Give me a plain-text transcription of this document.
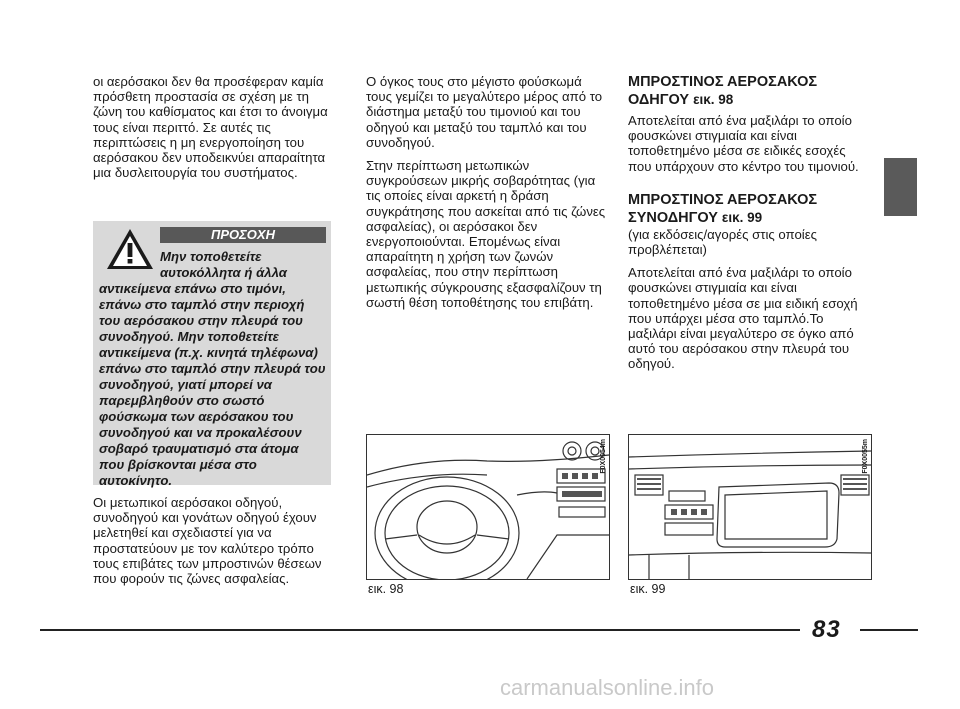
οι αερόσακοι δεν θα προσέφεραν καμία πρόσθετη προστασία σε σχέση με τη ζώνη του καθίσματος και έτσι το άνοιγμα τους είναι περιττό. Σε αυτές τις περιπτώσεις η μη ενεργοποίηση του αερόσακου δεν υποδεικνύει απαραίτητα μια δυσλειτουργία του συστήματος.

ΠΡΟΣΟΧΗ
Μην τοποθετείτε
αυτοκόλλητα ή άλλα
αντικείμενα επάνω στο τιμόνι, επάνω στο ταμπλό στην περιοχή του αερόσακου στην πλευρά του συνοδηγού. Μην τοποθετείτε αντικείμενα (π.χ. κινητά τηλέφωνα) επάνω στο ταμπλό στην πλευρά του συνοδηγού, γιατί μπορεί να παρεμβληθούν στο σωστό φούσκωμα των αερόσακου του συνοδηγού και να προκαλέσουν σοβαρό τραυματισμό στα άτομα που βρίσκονται μέσα στο αυτοκίνητο.

Οι μετωπικοί αερόσακοι οδηγού, συνοδηγού και γονάτων οδηγού έχουν μελετηθεί και σχεδιαστεί για να προστατεύουν με τον καλύτερο τρόπο τους επιβάτες των μπροστινών θέσεων που φορούν τις ζώνες ασφαλείας.

Ο όγκος τους στο μέγιστο φούσκωμά τους γεμίζει το μεγαλύτερο μέρος από το διάστημα μεταξύ του τιμονιού και του οδηγού και μεταξύ του ταμπλό και του συνοδηγού.

Στην περίπτωση μετωπικών συγκρούσεων μικρής σοβαρότητας (για τις οποίες είναι αρκετή η δράση συγκράτησης που ασκείται από τις ζώνες ασφαλείας), οι αερόσακοι δεν ενεργοποιούνται. Επομένως είναι απαραίτητη η χρήση των ζωνών ασφαλείας, που στην περίπτωση μετωπικής σύγκρουσης εξασφαλίζουν τη σωστή θέση τοποθέτησης του επιβάτη.

ΜΠΡΟΣΤΙΝΟΣ ΑΕΡΟΣΑΚΟΣ
ΟΔΗΓΟΥ εικ. 98

Αποτελείται από ένα μαξιλάρι το οποίο φουσκώνει στιγμιαία και είναι τοποθετημένο μέσα σε ειδικές εσοχές που υπάρχουν στο κέντρο του τιμονιού.

ΜΠΡΟΣΤΙΝΟΣ ΑΕΡΟΣΑΚΟΣ
ΣΥΝΟΔΗΓΟΥ εικ. 99

(για εκδόσεις/αγορές στις οποίες προβλέπεται)

Αποτελείται από ένα μαξιλάρι το οποίο φουσκώνει στιγμιαία και είναι τοποθετημένο μέσα σε μια ειδική εσοχή που υπάρχει μέσα στο ταμπλό.Το μαξιλάρι είναι μεγαλύτερο σε όγκο από αυτό του αερόσακου στην πλευρά του οδηγού.

F0X0054m
εικ. 98
F0X0055m
εικ. 99
83
carmanualsonline.info
